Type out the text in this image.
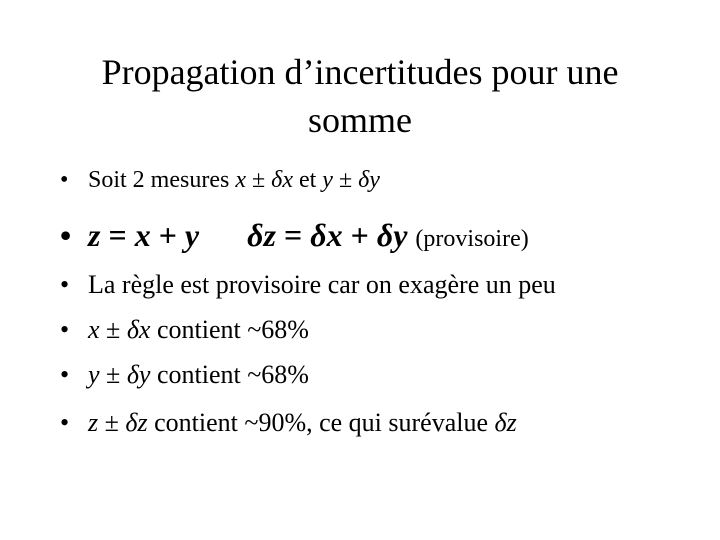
Propagation d’incertitudes pour une
somme
• Soit 2 mesures x ± δx et y ± δy
• z = x + y δz = δx + δy (provisoire)
• La règle est provisoire car on exagère un peu
• x ± δx contient ~68%
• y ± δy contient ~68%
• z ± δz contient ~90%, ce qui surévalue δz
